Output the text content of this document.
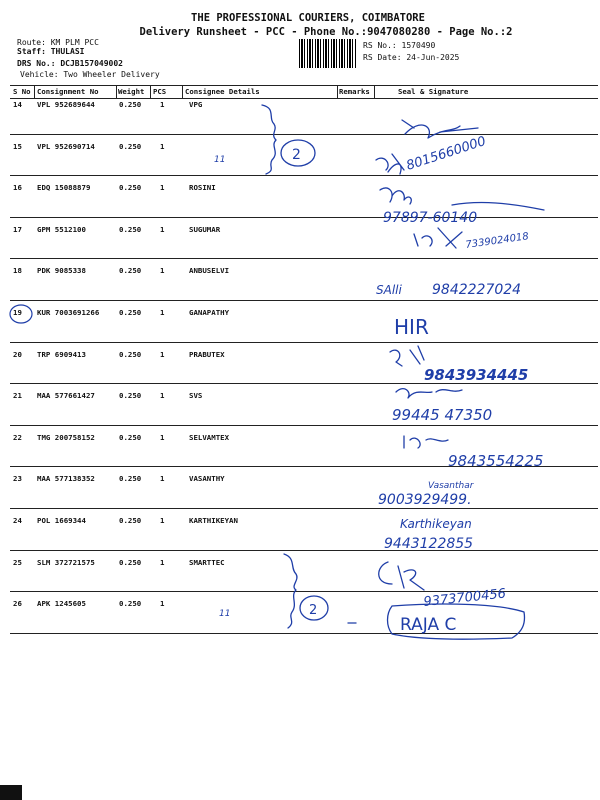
THE PROFESSIONAL COURIERS, COIMBATORE
Delivery Runsheet - PCC - Phone No.:9047080280 - Page No.:2
Route: KM PLM PCC
Staff: THULASI
DRS No.: DCJB157049002
Vehicle: Two Wheeler Delivery
RS No.: 1570490
RS Date: 24-Jun-2025
S No Consignment No	Weight PCS	Consignee Details	Remarks	Seal & Signature
14 VPL 952689644	0.250	1	VPG
15 VPL 952690714	0.250	1
16 EDQ 15088879	0.250	1	ROSINI
17 GPM 5512100	0.250	1	SUGUMAR
18 PDK 9085338	0.250	1	ANBUSELVI
19 KUR 7003691266	0.250	1	GANAPATHY
20 TRP 6909413	0.250	1	PRABUTEX
21 MAA 577661427	0.250	1	SVS
22 TMG 200758152	0.250	1	SELVAMTEX
23 MAA 577138352	0.250	1	VASANTHY
24 POL 1669344	0.250	1	KARTHIKEYAN
25 SLM 372721575	0.250	1	SMARTTEC
26 APK 1245605	0.250	1
8015660000
97897-60140
7339024018
SAlli 9842227024
HIR
9843934445
99445 47350
9843554225
Vasanthar
9003929499.
Karthikeyan
9443122855
9373700456
RAJA C
2
2
11
11
